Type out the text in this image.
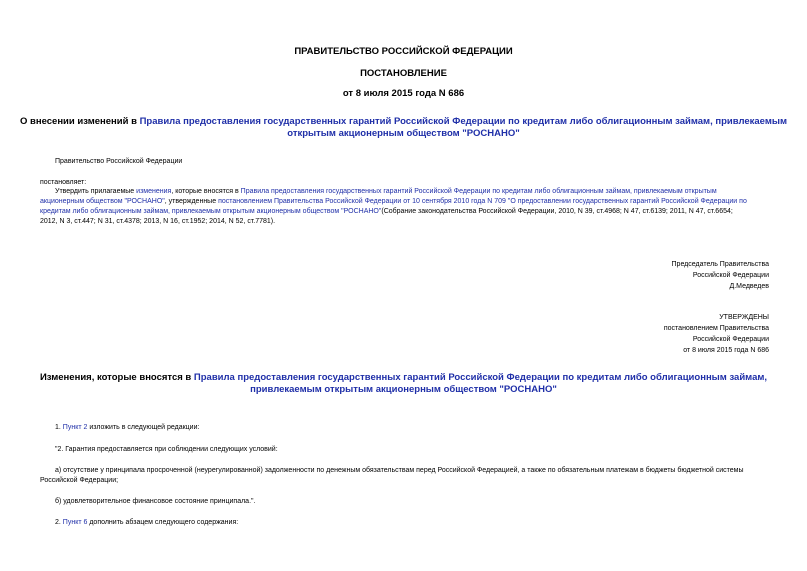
ПРАВИТЕЛЬСТВО РОССИЙСКОЙ ФЕДЕРАЦИИ
ПОСТАНОВЛЕНИЕ
от 8 июля 2015 года N 686
О внесении изменений в Правила предоставления государственных гарантий Российской Федерации по кредитам либо облигационным займам, привлекаемым
открытым акционерным обществом "РОСНАНО"
Правительство Российской Федерации
постановляет:
Утвердить прилагаемые изменения, которые вносятся в Правила предоставления государственных гарантий Российской Федерации по кредитам либо облигационным займам, привлекаемым открытым
акционерным обществом "РОСНАНО", утвержденные постановлением Правительства Российской Федерации от 10 сентября 2010 года N 709 "О предоставлении государственных гарантий Российской Федерации по
кредитам либо облигационным займам, привлекаемым открытым акционерным обществом "РОСНАНО"(Собрание законодательства Российской Федерации, 2010, N 39, ст.4968; N 47, ст.6139; 2011, N 47, ст.6654;
2012, N 3, ст.447; N 31, ст.4378; 2013, N 16, ст.1952; 2014, N 52, ст.7781).
Председатель Правительства
Российской Федерации
Д.Медведев
УТВЕРЖДЕНЫ
постановлением Правительства
Российской Федерации
от 8 июля 2015 года N 686
Изменения, которые вносятся в Правила предоставления государственных гарантий Российской Федерации по кредитам либо облигационным займам,
привлекаемым открытым акционерным обществом "РОСНАНО"
1. Пункт 2 изложить в следующей редакции:
"2. Гарантия предоставляется при соблюдении следующих условий:
а) отсутствие у принципала просроченной (неурегулированной) задолженности по денежным обязательствам перед Российской Федерацией, а также по обязательным платежам в бюджеты бюджетной системы
Российской Федерации;
б) удовлетворительное финансовое состояние принципала.".
2. Пункт 6 дополнить абзацем следующего содержания:
